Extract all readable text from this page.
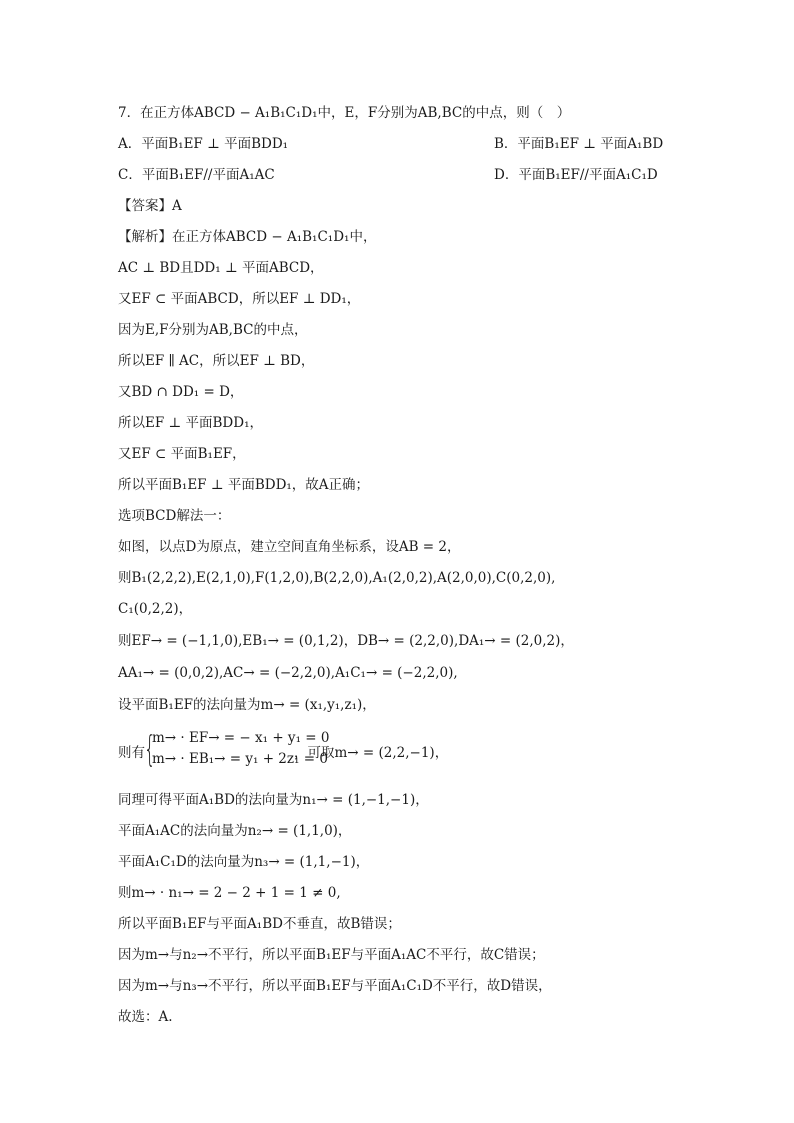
7．在正方体ABCD − A₁B₁C₁D₁中，E，F分别为AB,BC的中点，则（　）
A．平面B₁EF ⊥ 平面BDD₁	B．平面B₁EF ⊥ 平面A₁BD
C．平面B₁EF//平面A₁AC	D．平面B₁EF//平面A₁C₁D
【答案】A
【解析】在正方体ABCD − A₁B₁C₁D₁中，
AC ⊥ BD且DD₁ ⊥ 平面ABCD，
又EF ⊂ 平面ABCD，所以EF ⊥ DD₁，
因为E,F分别为AB,BC的中点，
所以EF ∥ AC，所以EF ⊥ BD，
又BD ∩ DD₁ = D，
所以EF ⊥ 平面BDD₁，
又EF ⊂ 平面B₁EF，
所以平面B₁EF ⊥ 平面BDD₁，故A正确；
选项BCD解法一：
如图，以点D为原点，建立空间直角坐标系，设AB = 2，
则B₁(2,2,2),E(2,1,0),F(1,2,0),B(2,2,0),A₁(2,0,2),A(2,0,0),C(0,2,0),
C₁(0,2,2)，
则EF→ = (−1,1,0),EB₁→ = (0,1,2)，DB→ = (2,2,0),DA₁→ = (2,0,2)，
AA₁→ = (0,0,2),AC→ = (−2,2,0),A₁C₁→ = (−2,2,0),
设平面B₁EF的法向量为m→ = (x₁,y₁,z₁)，
则有 {
m→ · EF→ = − x₁ + y₁ = 0
m→ · EB₁→ = y₁ + 2z₁ = 0
，可取m→ = (2,2,−1)，
同理可得平面A₁BD的法向量为n₁→ = (1,−1,−1)，
平面A₁AC的法向量为n₂→ = (1,1,0)，
平面A₁C₁D的法向量为n₃→ = (1,1,−1)，
则m→ · n₁→ = 2 − 2 + 1 = 1 ≠ 0,
所以平面B₁EF与平面A₁BD不垂直，故B错误；
因为m→与n₂→不平行，所以平面B₁EF与平面A₁AC不平行，故C错误；
因为m→与n₃→不平行，所以平面B₁EF与平面A₁C₁D不平行，故D错误，
故选：A.
